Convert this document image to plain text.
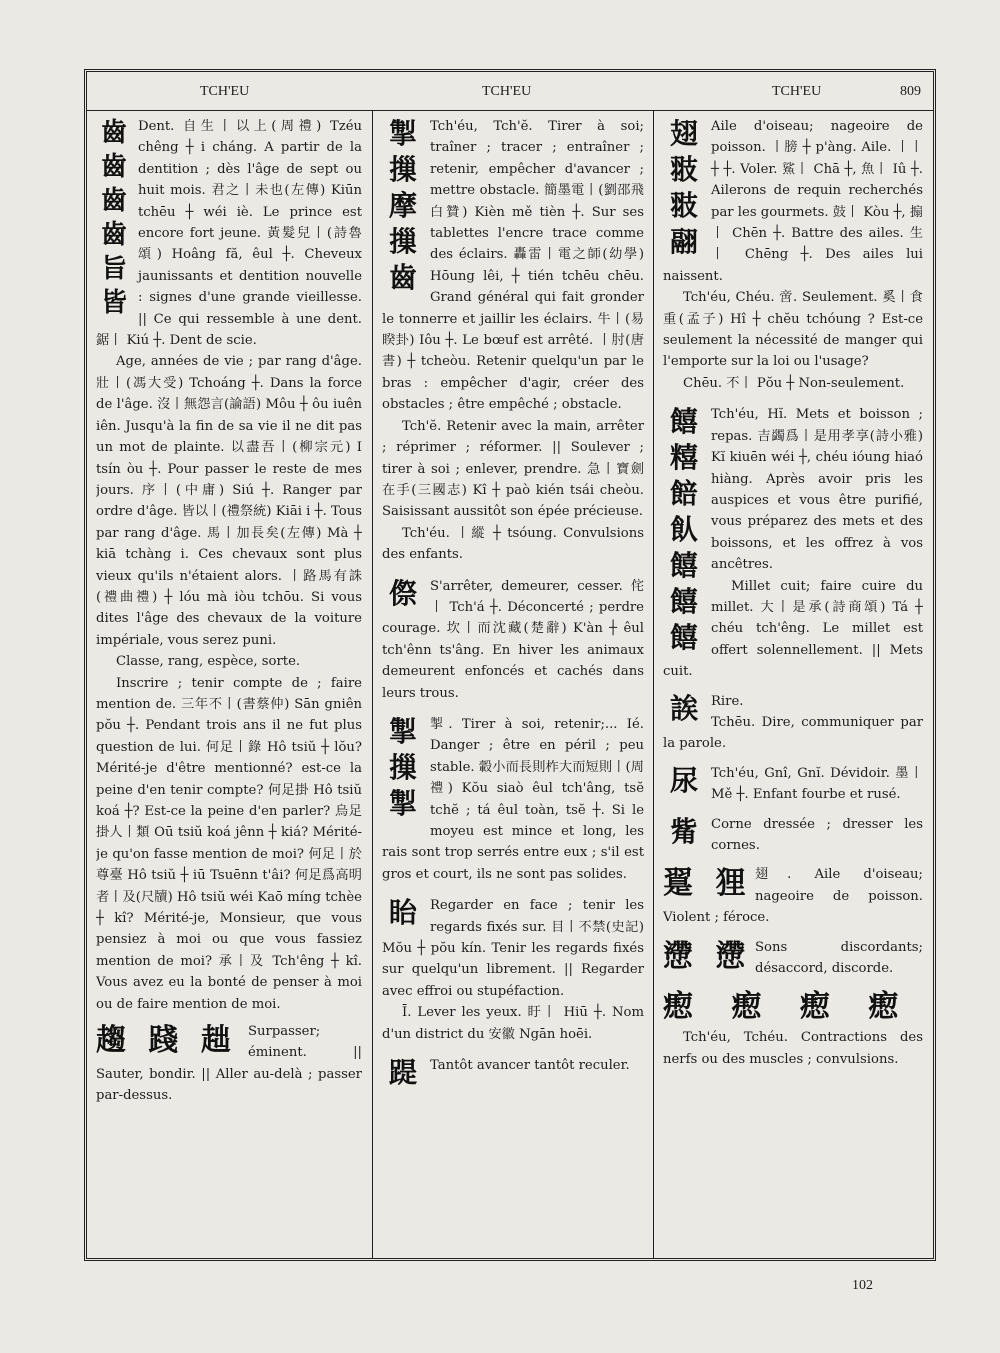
TCH'EU	TCH'EU	TCH'EU	809
齒 齒 齒 齒 旨 皆

Dent. 自生丨以上(周禮) Tzéu chêng ┼ i cháng. A partir de la dentition ; dès l'âge de sept ou huit mois. 君之丨未也(左傳) Kiūn tchēu ┼ wéi iè. Le prince est encore fort jeune. 黃髮兒丨(詩魯頌) Hoâng fă, êul ┼. Cheveux jaunissants et dentition nouvelle : signes d'une grande vieillesse. || Ce qui ressemble à une dent. 鋸丨 Kiú ┼. Dent de scie.

Age, années de vie ; par rang d'âge. 壯丨(馮大受) Tchoáng ┼. Dans la force de l'âge. 沒丨無怨言(論語) Môu ┼ ôu iuên iên. Jusqu'à la fin de sa vie il ne dit pas un mot de plainte. 以盡吾丨(柳宗元) I tsín òu ┼. Pour passer le reste de mes jours. 序丨(中庸) Siú ┼. Ranger par ordre d'âge. 皆以丨(禮祭統) Kiāi i ┼. Tous par rang d'âge. 馬丨加長矣(左傳) Mà ┼ kiā tchàng i. Ces chevaux sont plus vieux qu'ils n'étaient alors. 丨路馬有誅(禮曲禮) ┼ lóu mà iòu tchōu. Si vous dites l'âge des chevaux de la voiture impériale, vous serez puni.

Classe, rang, espèce, sorte.

Inscrire ; tenir compte de ; faire mention de. 三年不丨(書蔡仲) Sān gniên pŏu ┼. Pendant trois ans il ne fut plus question de lui. 何足丨錄 Hô tsiŭ ┼ lŏu? Mérité-je d'être mentionné? est-ce la peine d'en tenir compte? 何足掛 Hô tsiŭ koá ┼? Est-ce la peine d'en parler? 烏足掛人丨類 Oū tsiŭ koá jênn ┼ kiá? Mérité-je qu'on fasse mention de moi? 何足丨於尊臺 Hô tsiŭ ┼ iū Tsuēnn t'âi? 何足爲高明者丨及(尺牘) Hô tsiŭ wéi Kaō míng tchèe ┼ kî? Mérité-je, Monsieur, que vous pensiez à moi ou que vous fassiez mention de moi? 承丨及 Tch'êng ┼ kî. Vous avez eu la bonté de penser à moi ou de faire mention de moi.

趨 踐 趉 Surpasser; éminent. || Sauter, bondir. || Aller au-delà ; passer par-dessus.

掣 摷 摩 摷 齒

Tch'éu, Tch'ĕ. Tirer à soi; traîner ; tracer ; entraîner ; retenir, empêcher d'avancer ; mettre obstacle. 簡墨電丨(劉邵飛白贊) Kièn mě tièn ┼. Sur ses tablettes l'encre trace comme des éclairs. 轟雷丨電之師(幼學) Hōung lêi, ┼ tién tchēu chēu. Grand général qui fait gronder le tonnerre et jaillir les éclairs. 牛丨(易睽卦) Iôu ┼. Le bœuf est arrêté. 丨肘(唐書) ┼ tcheòu. Retenir quelqu'un par le bras : empêcher d'agir, créer des obstacles ; être empêché ; obstacle.

Tch'ĕ. Retenir avec la main, arrêter ; réprimer ; réformer. || Soulever ; tirer à soi ; enlever, prendre. 急丨寶劍在手(三國志) Kî ┼ paò kién tsái cheòu. Saisissant aussitôt son épée précieuse.

Tch'éu. 丨縱 ┼ tsóung. Convulsions des enfants.

傺 S'arrêter, demeurer, cesser. 侘丨 Tch'á ┼. Déconcerté ; perdre courage. 坎丨而沈藏(楚辭) K'àn ┼ êul tch'ênn ts'âng. En hiver les animaux demeurent enfoncés et cachés dans leurs trous.

掣 摷 掣

掣. Tirer à soi, retenir;... Ié. Danger ; être en péril ; peu stable. 轂小而長則柞大而短則丨(周禮) Kŏu siaò êul tch'âng, tsĕ tchĕ ; tá êul toàn, tsĕ ┼. Si le moyeu est mince et long, les rais sont trop serrés entre eux ; s'il est gros et court, ils ne sont pas solides.

眙 Regarder en face ; tenir les regards fixés sur. 目丨不禁(史記) Mŏu ┼ pŏu kín. Tenir les regards fixés sur quelqu'un librement. || Regarder avec effroi ou stupéfaction.

Ī. Lever les yeux. 盱丨 Hiū ┼. Nom d'un district du 安徽 Ngān hoēi.

踶 Tantôt avancer tantôt reculer.

翅 翄 翄 翮

Aile d'oiseau; nageoire de poisson. 丨膀 ┼ p'àng. Aile. 丨丨 ┼ ┼. Voler. 鯊丨 Chā ┼, 魚丨 Iû ┼. Ailerons de requin recherchés par les gourmets. 鼓丨 Kòu ┼, 搧丨 Chēn ┼. Battre des ailes. 生丨 Chēng ┼. Des ailes lui naissent.

Tch'éu, Chéu. 啻. Seulement. 奚丨食重(孟子) Hî ┼ chĕu tchóung ? Est-ce seulement la nécessité de manger qui l'emporte sur la loi ou l'usage?

Chēu. 不丨 Pŏu ┼ Non-seulement.

饎 糦 餢 飤 饎 饎 饎

Tch'éu, Hĭ. Mets et boisson ; repas. 吉蠲爲丨是用孝享(詩小雅) Kĭ kiuēn wéi ┼, chéu ióung hiaó hiàng. Après avoir pris les auspices et vous être purifié, vous préparez des mets et des boissons, et les offrez à vos ancêtres.

Millet cuit; faire cuire du millet. 大丨是承(詩商頌) Tá ┼ chéu tch'êng. Le millet est offert solennellement. || Mets cuit.

誒 Rire.

Tchēu. Dire, communiquer par la parole.

尿 Tch'éu, Gnî, Gnĭ. Dévidoir. 墨丨 Mě ┼. Enfant fourbe et rusé.

觜 Corne dressée ; dresser les cornes.

翨 狸 翅. Aile d'oiseau; nageoire de poisson. Violent ; féroce.

懘 懘 Sons discordants; désaccord, discorde.

瘛 瘛 瘛 瘛

Tch'éu, Tchéu. Contractions des nerfs ou des muscles ; convulsions.

102
